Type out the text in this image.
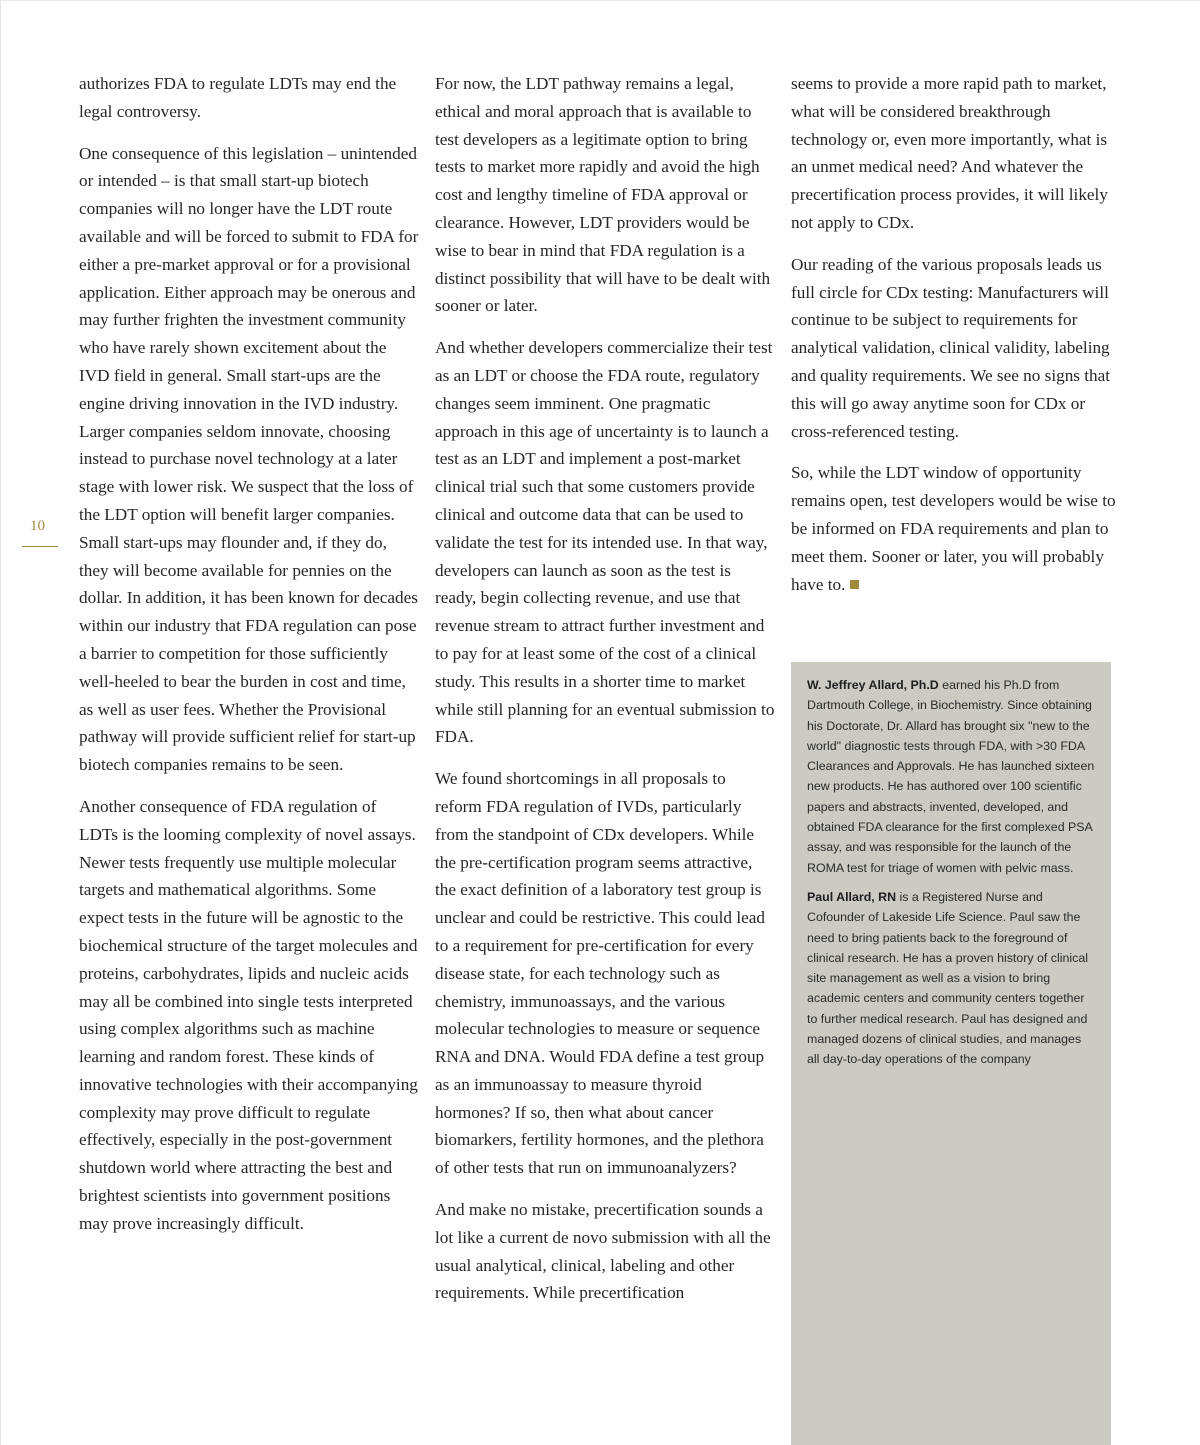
10

authorizes FDA to regulate LDTs may end the legal controversy.

One consequence of this legislation – unintended or intended – is that small start-up biotech companies will no longer have the LDT route available and will be forced to submit to FDA for either a pre-market approval or for a provisional application. Either approach may be onerous and may further frighten the investment community who have rarely shown excitement about the IVD field in general. Small start-ups are the engine driving innovation in the IVD industry. Larger companies seldom innovate, choosing instead to purchase novel technology at a later stage with lower risk. We suspect that the loss of the LDT option will benefit larger companies. Small start-ups may flounder and, if they do, they will become available for pennies on the dollar. In addition, it has been known for decades within our industry that FDA regulation can pose a barrier to competition for those sufficiently well-heeled to bear the burden in cost and time, as well as user fees. Whether the Provisional pathway will provide sufficient relief for start-up biotech companies remains to be seen.

Another consequence of FDA regulation of LDTs is the looming complexity of novel assays. Newer tests frequently use multiple molecular targets and mathematical algorithms. Some expect tests in the future will be agnostic to the biochemical structure of the target molecules and proteins, carbohydrates, lipids and nucleic acids may all be combined into single tests interpreted using complex algorithms such as machine learning and random forest. These kinds of innovative technologies with their accompanying complexity may prove difficult to regulate effectively, especially in the post-government shutdown world where attracting the best and brightest scientists into government positions may prove increasingly difficult.

For now, the LDT pathway remains a legal, ethical and moral approach that is available to test developers as a legitimate option to bring tests to market more rapidly and avoid the high cost and lengthy timeline of FDA approval or clearance. However, LDT providers would be wise to bear in mind that FDA regulation is a distinct possibility that will have to be dealt with sooner or later.

And whether developers commercialize their test as an LDT or choose the FDA route, regulatory changes seem imminent. One pragmatic approach in this age of uncertainty is to launch a test as an LDT and implement a post-market clinical trial such that some customers provide clinical and outcome data that can be used to validate the test for its intended use. In that way, developers can launch as soon as the test is ready, begin collecting revenue, and use that revenue stream to attract further investment and to pay for at least some of the cost of a clinical study. This results in a shorter time to market while still planning for an eventual submission to FDA.

We found shortcomings in all proposals to reform FDA regulation of IVDs, particularly from the standpoint of CDx developers. While the pre-certification program seems attractive, the exact definition of a laboratory test group is unclear and could be restrictive. This could lead to a requirement for pre-certification for every disease state, for each technology such as chemistry, immunoassays, and the various molecular technologies to measure or sequence RNA and DNA. Would FDA define a test group as an immunoassay to measure thyroid hormones? If so, then what about cancer biomarkers, fertility hormones, and the plethora of other tests that run on immunoanalyzers?

And make no mistake, precertification sounds a lot like a current de novo submission with all the usual analytical, clinical, labeling and other requirements. While precertification

seems to provide a more rapid path to market, what will be considered breakthrough technology or, even more importantly, what is an unmet medical need? And whatever the precertification process provides, it will likely not apply to CDx.

Our reading of the various proposals leads us full circle for CDx testing: Manufacturers will continue to be subject to requirements for analytical validation, clinical validity, labeling and quality requirements. We see no signs that this will go away anytime soon for CDx or cross-referenced testing.

So, while the LDT window of opportunity remains open, test developers would be wise to be informed on FDA requirements and plan to meet them. Sooner or later, you will probably have to.

W. Jeffrey Allard, Ph.D earned his Ph.D from Dartmouth College, in Biochemistry. Since obtaining his Doctorate, Dr. Allard has brought six "new to the world" diagnostic tests through FDA, with >30 FDA Clearances and Approvals. He has launched sixteen new products. He has authored over 100 scientific papers and abstracts, invented, developed, and obtained FDA clearance for the first complexed PSA assay, and was responsible for the launch of the ROMA test for triage of women with pelvic mass.

Paul Allard, RN is a Registered Nurse and Cofounder of Lakeside Life Science. Paul saw the need to bring patients back to the foreground of clinical research. He has a proven history of clinical site management as well as a vision to bring academic centers and community centers together to further medical research. Paul has designed and managed dozens of clinical studies, and manages all day-to-day operations of the company
